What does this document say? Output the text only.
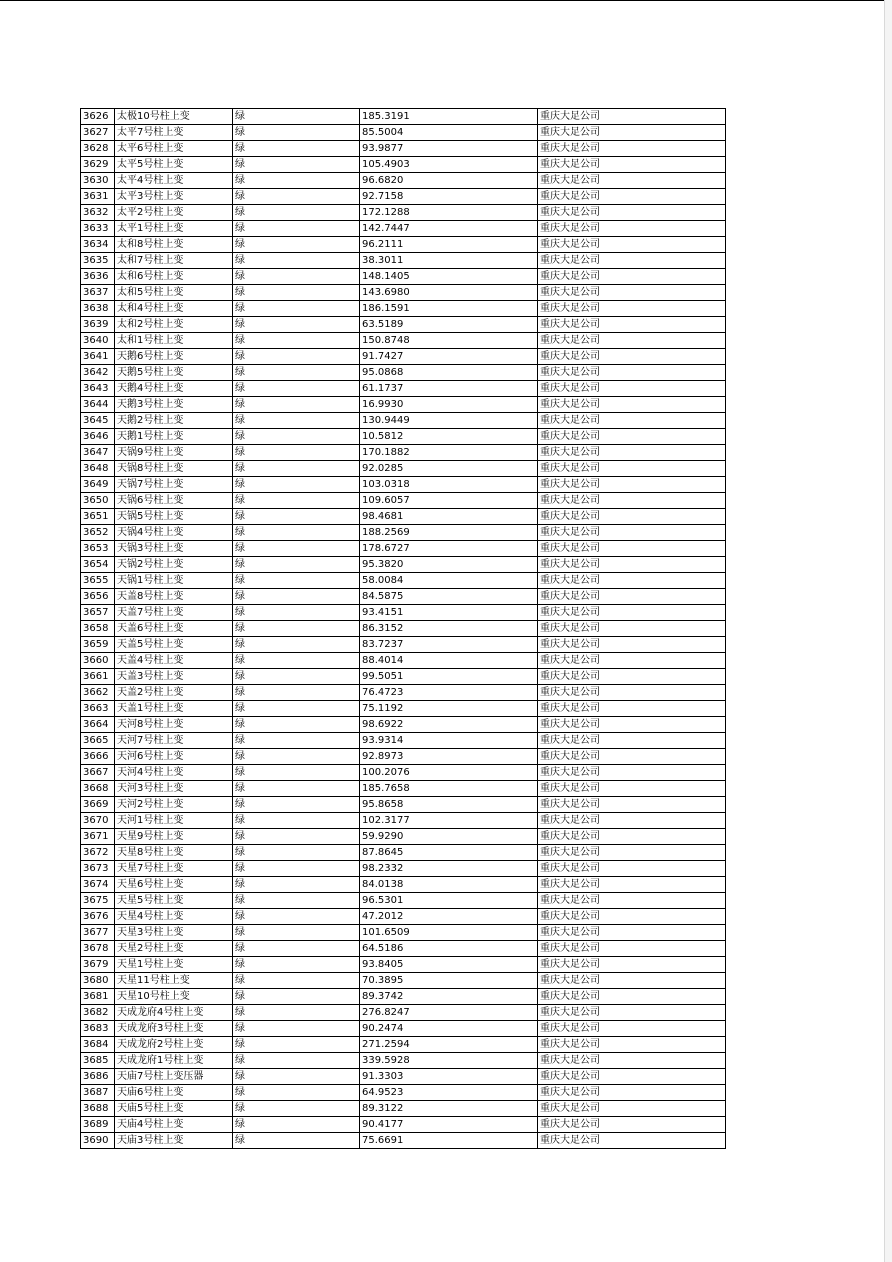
3626	太极10号柱上变	绿	185.3191	重庆大足公司
3627	太平7号柱上变	绿	85.5004	重庆大足公司
3628	太平6号柱上变	绿	93.9877	重庆大足公司
3629	太平5号柱上变	绿	105.4903	重庆大足公司
3630	太平4号柱上变	绿	96.6820	重庆大足公司
3631	太平3号柱上变	绿	92.7158	重庆大足公司
3632	太平2号柱上变	绿	172.1288	重庆大足公司
3633	太平1号柱上变	绿	142.7447	重庆大足公司
3634	太和8号柱上变	绿	96.2111	重庆大足公司
3635	太和7号柱上变	绿	38.3011	重庆大足公司
3636	太和6号柱上变	绿	148.1405	重庆大足公司
3637	太和5号柱上变	绿	143.6980	重庆大足公司
3638	太和4号柱上变	绿	186.1591	重庆大足公司
3639	太和2号柱上变	绿	63.5189	重庆大足公司
3640	太和1号柱上变	绿	150.8748	重庆大足公司
3641	天鹅6号柱上变	绿	91.7427	重庆大足公司
3642	天鹅5号柱上变	绿	95.0868	重庆大足公司
3643	天鹅4号柱上变	绿	61.1737	重庆大足公司
3644	天鹅3号柱上变	绿	16.9930	重庆大足公司
3645	天鹅2号柱上变	绿	130.9449	重庆大足公司
3646	天鹅1号柱上变	绿	10.5812	重庆大足公司
3647	天锅9号柱上变	绿	170.1882	重庆大足公司
3648	天锅8号柱上变	绿	92.0285	重庆大足公司
3649	天锅7号柱上变	绿	103.0318	重庆大足公司
3650	天锅6号柱上变	绿	109.6057	重庆大足公司
3651	天锅5号柱上变	绿	98.4681	重庆大足公司
3652	天锅4号柱上变	绿	188.2569	重庆大足公司
3653	天锅3号柱上变	绿	178.6727	重庆大足公司
3654	天锅2号柱上变	绿	95.3820	重庆大足公司
3655	天锅1号柱上变	绿	58.0084	重庆大足公司
3656	天盖8号柱上变	绿	84.5875	重庆大足公司
3657	天盖7号柱上变	绿	93.4151	重庆大足公司
3658	天盖6号柱上变	绿	86.3152	重庆大足公司
3659	天盖5号柱上变	绿	83.7237	重庆大足公司
3660	天盖4号柱上变	绿	88.4014	重庆大足公司
3661	天盖3号柱上变	绿	99.5051	重庆大足公司
3662	天盖2号柱上变	绿	76.4723	重庆大足公司
3663	天盖1号柱上变	绿	75.1192	重庆大足公司
3664	天河8号柱上变	绿	98.6922	重庆大足公司
3665	天河7号柱上变	绿	93.9314	重庆大足公司
3666	天河6号柱上变	绿	92.8973	重庆大足公司
3667	天河4号柱上变	绿	100.2076	重庆大足公司
3668	天河3号柱上变	绿	185.7658	重庆大足公司
3669	天河2号柱上变	绿	95.8658	重庆大足公司
3670	天河1号柱上变	绿	102.3177	重庆大足公司
3671	天星9号柱上变	绿	59.9290	重庆大足公司
3672	天星8号柱上变	绿	87.8645	重庆大足公司
3673	天星7号柱上变	绿	98.2332	重庆大足公司
3674	天星6号柱上变	绿	84.0138	重庆大足公司
3675	天星5号柱上变	绿	96.5301	重庆大足公司
3676	天星4号柱上变	绿	47.2012	重庆大足公司
3677	天星3号柱上变	绿	101.6509	重庆大足公司
3678	天星2号柱上变	绿	64.5186	重庆大足公司
3679	天星1号柱上变	绿	93.8405	重庆大足公司
3680	天星11号柱上变	绿	70.3895	重庆大足公司
3681	天星10号柱上变	绿	89.3742	重庆大足公司
3682	天成龙府4号柱上变	绿	276.8247	重庆大足公司
3683	天成龙府3号柱上变	绿	90.2474	重庆大足公司
3684	天成龙府2号柱上变	绿	271.2594	重庆大足公司
3685	天成龙府1号柱上变	绿	339.5928	重庆大足公司
3686	天庙7号柱上变压器	绿	91.3303	重庆大足公司
3687	天庙6号柱上变	绿	64.9523	重庆大足公司
3688	天庙5号柱上变	绿	89.3122	重庆大足公司
3689	天庙4号柱上变	绿	90.4177	重庆大足公司
3690	天庙3号柱上变	绿	75.6691	重庆大足公司
